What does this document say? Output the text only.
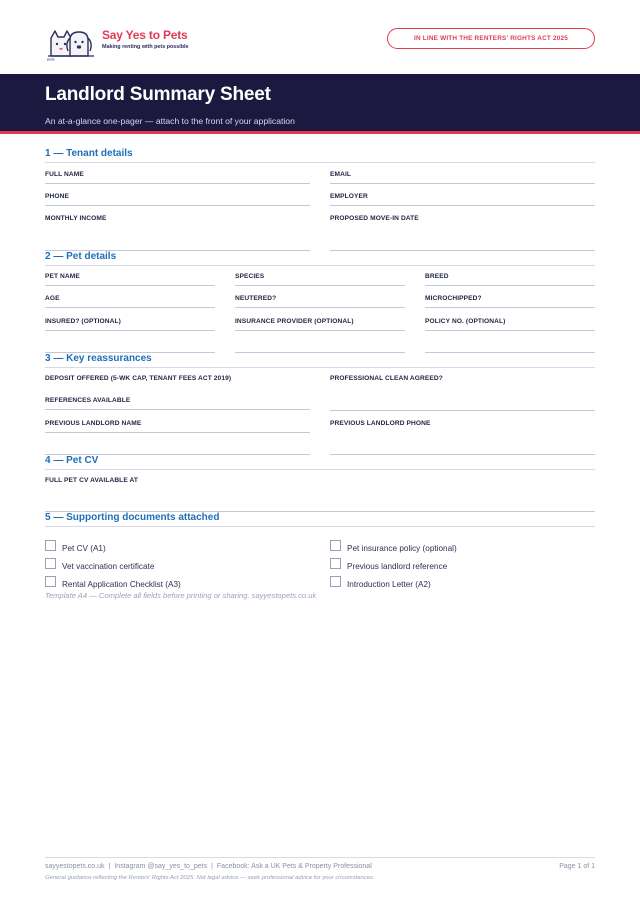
pets
Say Yes to Pets
Making renting with pets possible
IN LINE WITH THE RENTERS' RIGHTS ACT 2025
Landlord Summary Sheet

An at-a-glance one-pager — attach to the front of your application

1 — Tenant details
FULL NAME	EMAIL
PHONE	EMPLOYER
MONTHLY INCOME	PROPOSED MOVE-IN DATE
2 — Pet details
PET NAME	SPECIES	BREED
AGE	NEUTERED?	MICROCHIPPED?
INSURED? (OPTIONAL)	INSURANCE PROVIDER (OPTIONAL)	POLICY NO. (OPTIONAL)
3 — Key reassurances
DEPOSIT OFFERED (5-WK CAP, TENANT FEES ACT 2019)	PROFESSIONAL CLEAN AGREED?
REFERENCES AVAILABLE
PREVIOUS LANDLORD NAME	PREVIOUS LANDLORD PHONE
4 — Pet CV
FULL PET CV AVAILABLE AT
5 — Supporting documents attached
Pet CV (A1)	Pet insurance policy (optional)
Vet vaccination certificate	Previous landlord reference
Rental Application Checklist (A3)	Introduction Letter (A2)
Template A4 — Complete all fields before printing or sharing. sayyestopets.co.uk
sayyestopets.co.uk | Instagram @say_yes_to_pets | Facebook: Ask a UK Pets & Property Professional	Page 1 of 1
General guidance reflecting the Renters' Rights Act 2025. Not legal advice — seek professional advice for your circumstances.
